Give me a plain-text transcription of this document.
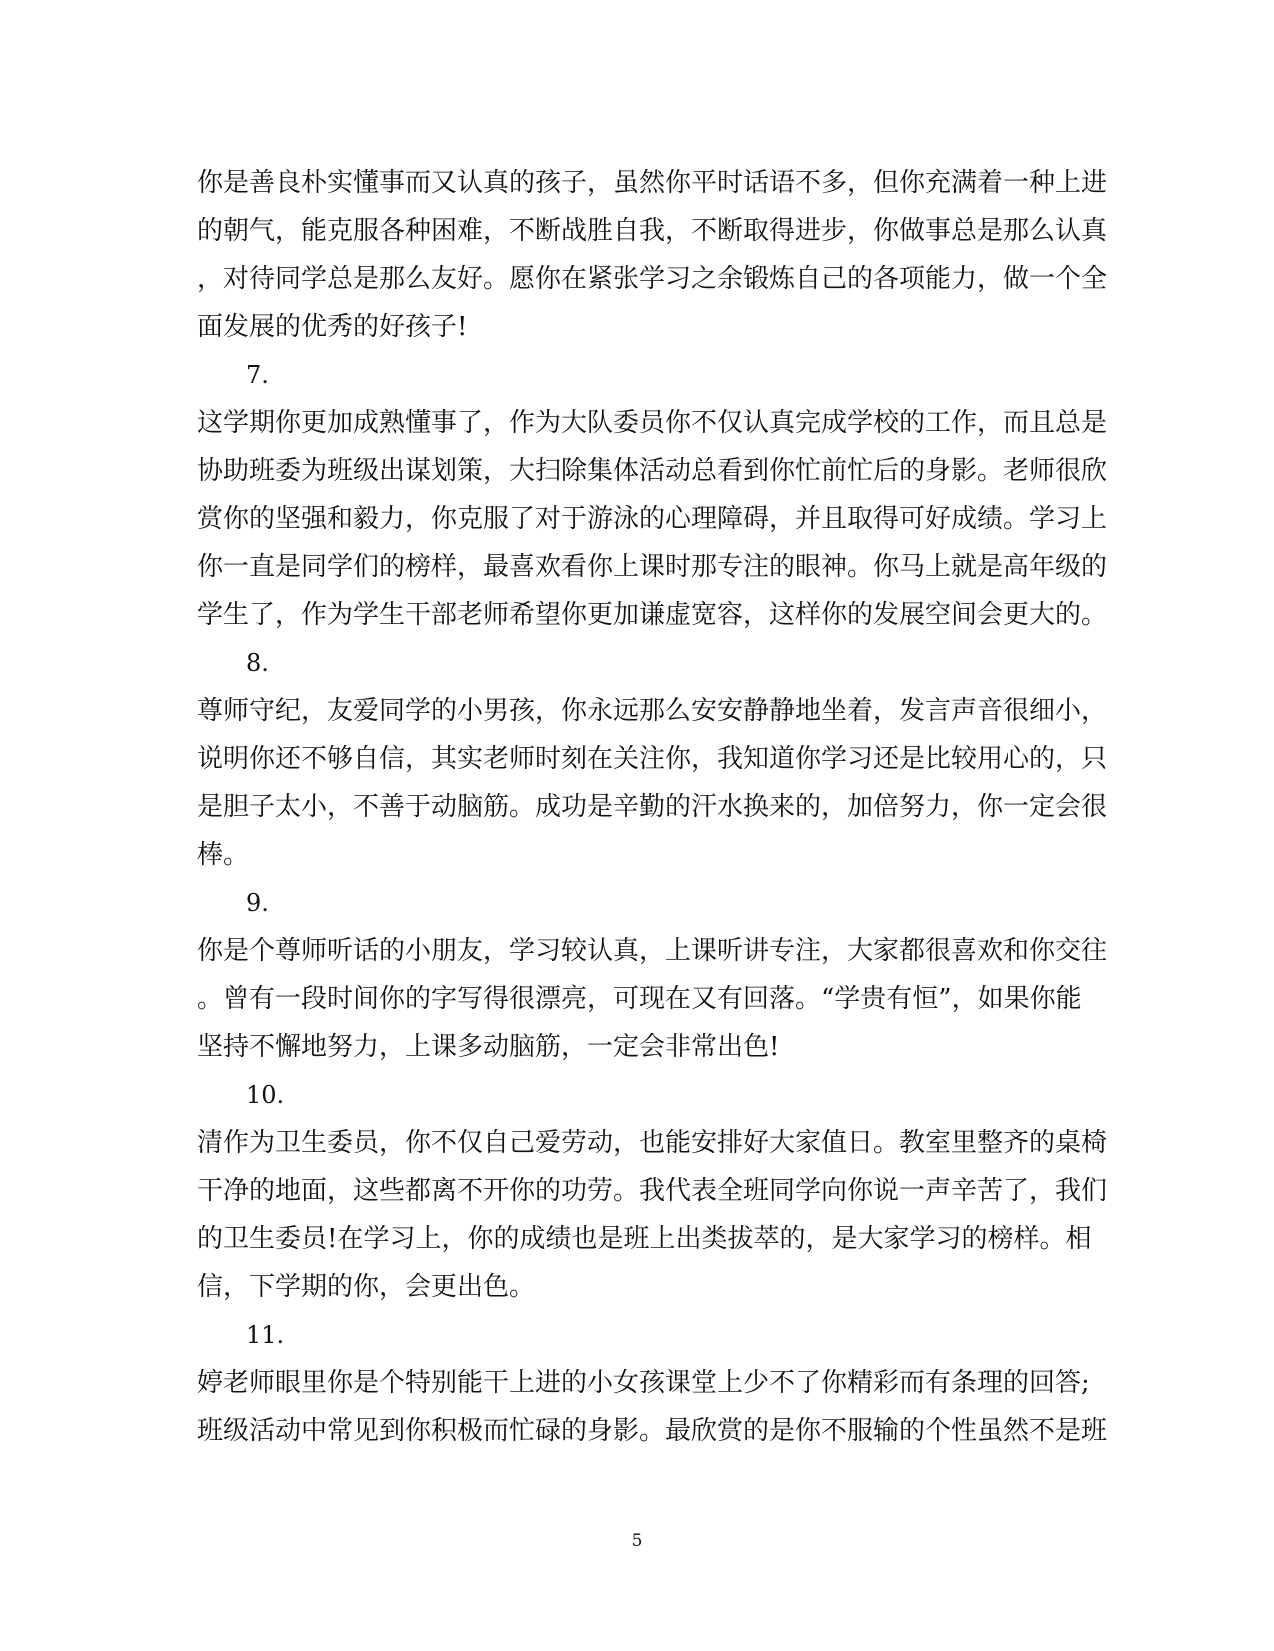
你是善良朴实懂事而又认真的孩子，虽然你平时话语不多，但你充满着一种上进
的朝气，能克服各种困难，不断战胜自我，不断取得进步，你做事总是那么认真
，对待同学总是那么友好。愿你在紧张学习之余锻炼自己的各项能力，做一个全
面发展的优秀的好孩子!
7.
这学期你更加成熟懂事了，作为大队委员你不仅认真完成学校的工作，而且总是
协助班委为班级出谋划策，大扫除集体活动总看到你忙前忙后的身影。老师很欣
赏你的坚强和毅力，你克服了对于游泳的心理障碍，并且取得可好成绩。学习上
你一直是同学们的榜样，最喜欢看你上课时那专注的眼神。你马上就是高年级的
学生了，作为学生干部老师希望你更加谦虚宽容，这样你的发展空间会更大的。
8.
尊师守纪，友爱同学的小男孩，你永远那么安安静静地坐着，发言声音很细小，
说明你还不够自信，其实老师时刻在关注你，我知道你学习还是比较用心的，只
是胆子太小，不善于动脑筋。成功是辛勤的汗水换来的，加倍努力，你一定会很
棒。
9.
你是个尊师听话的小朋友，学习较认真，上课听讲专注，大家都很喜欢和你交往
。曾有一段时间你的字写得很漂亮，可现在又有回落。“学贵有恒”，如果你能
坚持不懈地努力，上课多动脑筋，一定会非常出色!
10.
清作为卫生委员，你不仅自己爱劳动，也能安排好大家值日。教室里整齐的桌椅
干净的地面，这些都离不开你的功劳。我代表全班同学向你说一声辛苦了，我们
的卫生委员!在学习上，你的成绩也是班上出类拔萃的，是大家学习的榜样。相
信，下学期的你，会更出色。
11.
婷老师眼里你是个特别能干上进的小女孩课堂上少不了你精彩而有条理的回答;
班级活动中常见到你积极而忙碌的身影。最欣赏的是你不服输的个性虽然不是班
5
